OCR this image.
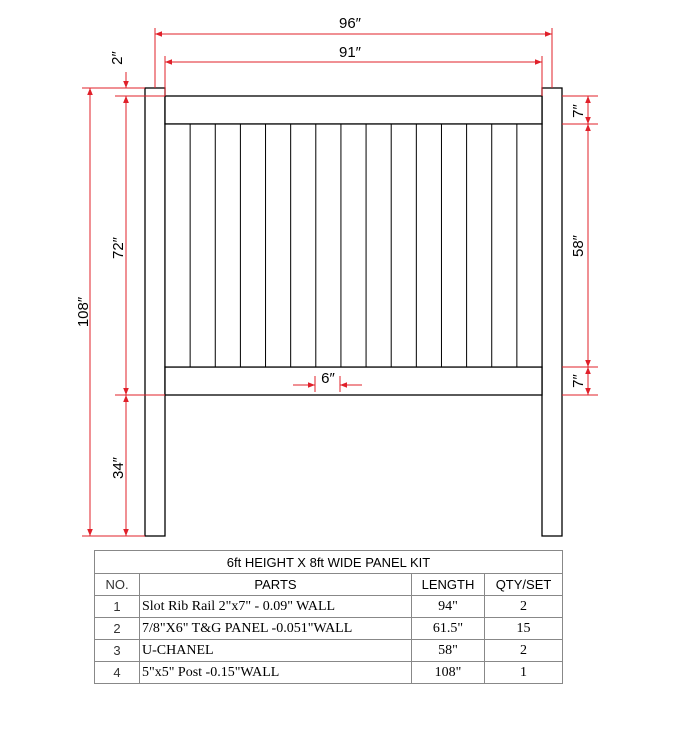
96″
91″
2″
108″
72″
34″
7″
58″
7″
6″
6ft HEIGHT X 8ft WIDE PANEL KIT			
NO.	PARTS	LENGTH	QTY/SET
1	Slot Rib Rail 2"x7" - 0.09" WALL	94"	2
2	7/8"X6" T&G PANEL -0.051"WALL	61.5"	15
3	U-CHANEL	58"	2
4	5"x5" Post -0.15"WALL	108"	1
